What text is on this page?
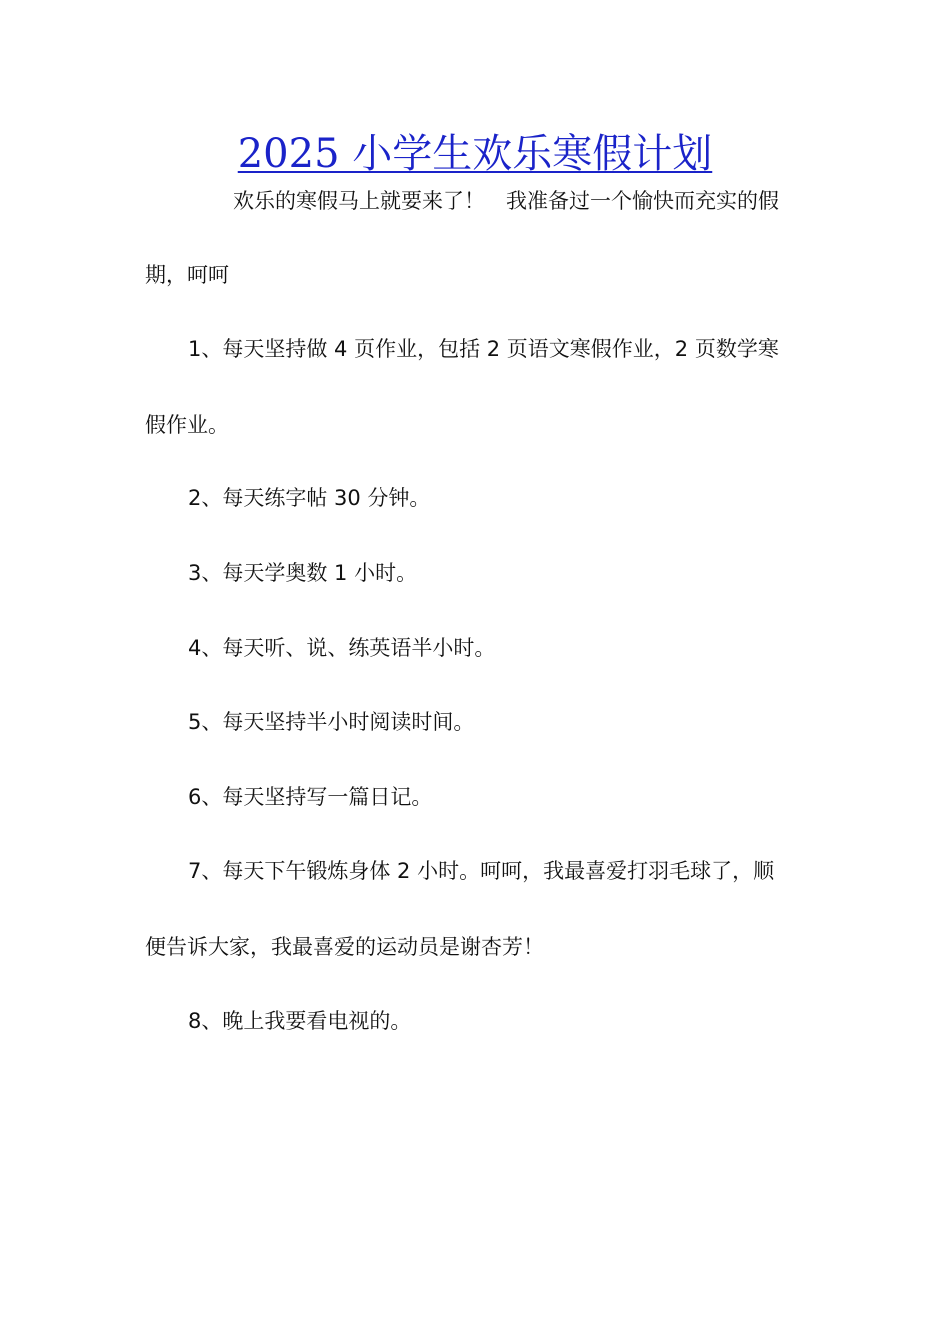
2025 小学生欢乐寒假计划
欢乐的寒假马上就要来了！　我准备过一个愉快而充实的假
期，呵呵
1、每天坚持做 4 页作业，包括 2 页语文寒假作业，2 页数学寒
假作业。
2、每天练字帖 30 分钟。
3、每天学奥数 1 小时。
4、每天听、说、练英语半小时。
5、每天坚持半小时阅读时间。
6、每天坚持写一篇日记。
7、每天下午锻炼身体 2 小时。呵呵，我最喜爱打羽毛球了，顺
便告诉大家，我最喜爱的运动员是谢杏芳！
8、晚上我要看电视的。
